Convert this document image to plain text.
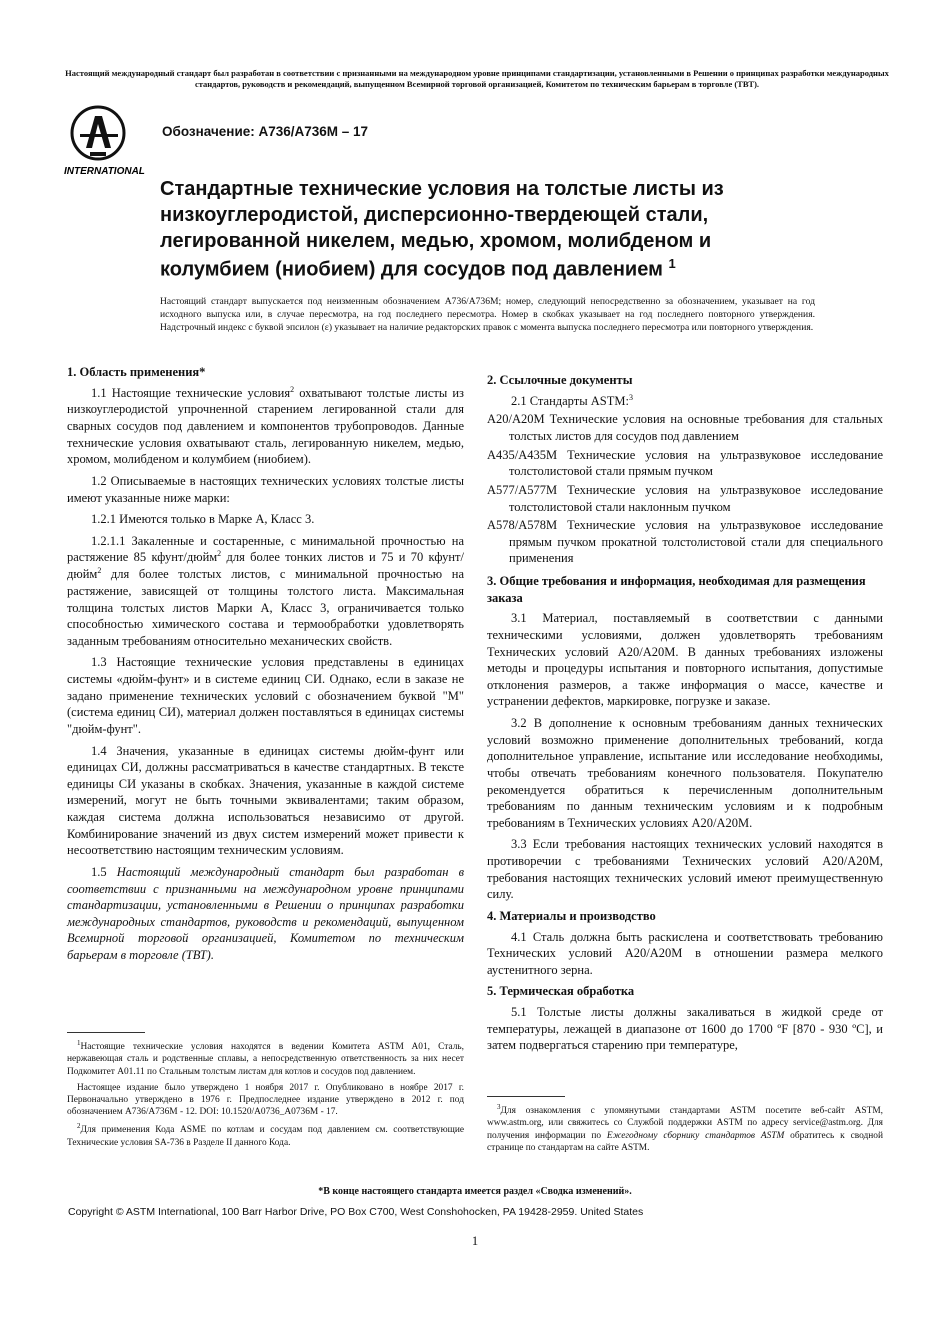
Настоящий международный стандарт был разработан в соответствии с признанными на международном уровне принципами стандартизации, установленными в Решении о принципах разработки международных стандартов, руководств и рекомендаций, выпущенном Всемирной торговой организацией, Комитетом по техническим барьерам в торговле (ТВТ).
INTERNATIONAL
Обозначение: A736/A736M – 17
Стандартные технические условия на толстые листы из низкоуглеродистой, дисперсионно-твердеющей стали, легированной никелем, медью, хромом, молибденом и колумбием (ниобием) для сосудов под давлением $^1$
Настоящий стандарт выпускается под неизменным обозначением A736/A736M; номер, следующий непосредственно за обозначением, указывает на год исходного выпуска или, в случае пересмотра, на год последнего пересмотра. Номер в скобках указывает на год последнего повторного утверждения. Надстрочный индекс с буквой эпсилон (ε) указывает на наличие редакторских правок с момента выпуска последнего пересмотра или повторного утверждения.
1. Область применения*

1.1 Настоящие технические условия$^2$ охватывают толстые листы из низкоуглеродистой упрочненной старением легированной стали для сварных сосудов под давлением и компонентов трубопроводов. Данные технические условия охватывают сталь, легированную никелем, медью, хромом, молибденом и колумбием (ниобием).

1.2 Описываемые в настоящих технических условиях толстые листы имеют указанные ниже марки:

1.2.1 Имеются только в Марке A, Класс 3.

1.2.1.1 Закаленные и состаренные, с минимальной прочностью на растяжение 85 кфунт/дюйм$^2$ для более тонких листов и 75 и 70 кфунт/дюйм$^2$ для более толстых листов, с минимальной прочностью на растяжение, зависящей от толщины толстого листа. Максимальная толщина толстых листов Марки A, Класс 3, ограничивается только способностью химического состава и термообработки удовлетворять заданным требованиям относительно механических свойств.

1.3 Настоящие технические условия представлены в единицах системы «дюйм-фунт» и в системе единиц СИ. Однако, если в заказе не задано применение технических условий с обозначением буквой "М" (система единиц СИ), материал должен поставляться в единицах системы "дюйм-фунт".

1.4 Значения, указанные в единицах системы дюйм-фунт или единицах СИ, должны рассматриваться в качестве стандартных. В тексте единицы СИ указаны в скобках. Значения, указанные в каждой системе измерений, могут не быть точными эквивалентами; таким образом, каждая система должна использоваться независимо от другой. Комбинирование значений из двух систем измерений может привести к несоответствию настоящим техническим условиям.

1.5 Настоящий международный стандарт был разработан в соответствии с признанными на международном уровне принципами стандартизации, установленными в Решении о принципах разработки международных стандартов, руководств и рекомендаций, выпущенном Всемирной торговой организацией, Комитетом по техническим барьерам в торговле (ТВТ).

$^1$Настоящие технические условия находятся в ведении Комитета ASTM A01, Сталь, нержавеющая сталь и родственные сплавы, а непосредственную ответственность за них несет Подкомитет A01.11 по Стальным толстым листам для котлов и сосудов под давлением.

Настоящее издание было утверждено 1 ноября 2017 г. Опубликовано в ноябре 2017 г. Первоначально утверждено в 1976 г. Предпоследнее издание утверждено в 2012 г. под обозначением A736/A736M - 12. DOI: 10.1520/A0736_A0736M - 17.

$^2$Для применения Кода ASME по котлам и сосудам под давлением см. соответствующие Технические условия SA-736 в Разделе II данного Кода.

2. Ссылочные документы

2.1 Стандарты ASTM:$^3$

A20/A20M Технические условия на основные требования для стальных толстых листов для сосудов под давлением

A435/A435M Технические условия на ультразвуковое исследование толстолистовой стали прямым пучком

A577/A577M Технические условия на ультразвуковое исследование толстолистовой стали наклонным пучком

A578/A578M Технические условия на ультразвуковое исследование прямым пучком прокатной толстолистовой стали для специального применения

3. Общие требования и информация, необходимая для размещения заказа

3.1 Материал, поставляемый в соответствии с данными техническими условиями, должен удовлетворять требованиям Технических условий A20/A20M. В данных требованиях изложены методы и процедуры испытания и повторного испытания, допустимые отклонения размеров, а также информация о массе, качестве и устранении дефектов, маркировке, погрузке и заказе.

3.2 В дополнение к основным требованиям данных технических условий возможно применение дополнительных требований, когда дополнительное управление, испытание или исследование необходимы, чтобы отвечать требованиям конечного пользователя. Покупателю рекомендуется обратиться к перечисленным дополнительным требованиям по данным техническим условиям и к подробным требованиям в Технических условиях A20/A20M.

3.3 Если требования настоящих технических условий находятся в противоречии с требованиями Технических условий A20/A20M, требования настоящих технических условий имеют преимущественную силу.

4. Материалы и производство

4.1 Сталь должна быть раскислена и соответствовать требованию Технических условий A20/A20M в отношении размера мелкого аустенитного зерна.

5. Термическая обработка

5.1 Толстые листы должны закаливаться в жидкой среде от температуры, лежащей в диапазоне от 1600 до 1700 ºF [870 - 930 ºC], и затем подвергаться старению при температуре,

$^3$Для ознакомления с упомянутыми стандартами ASTM посетите веб-сайт ASTM, www.astm.org, или свяжитесь со Службой поддержки ASTM по адресу service@astm.org. Для получения информации по Ежегодному сборнику стандартов ASTM обратитесь к сводной странице по стандартам на сайте ASTM.

*В конце настоящего стандарта имеется раздел «Сводка изменений».
Copyright © ASTM International, 100 Barr Harbor Drive, PO Box C700, West Conshohocken, PA 19428-2959. United States
1
